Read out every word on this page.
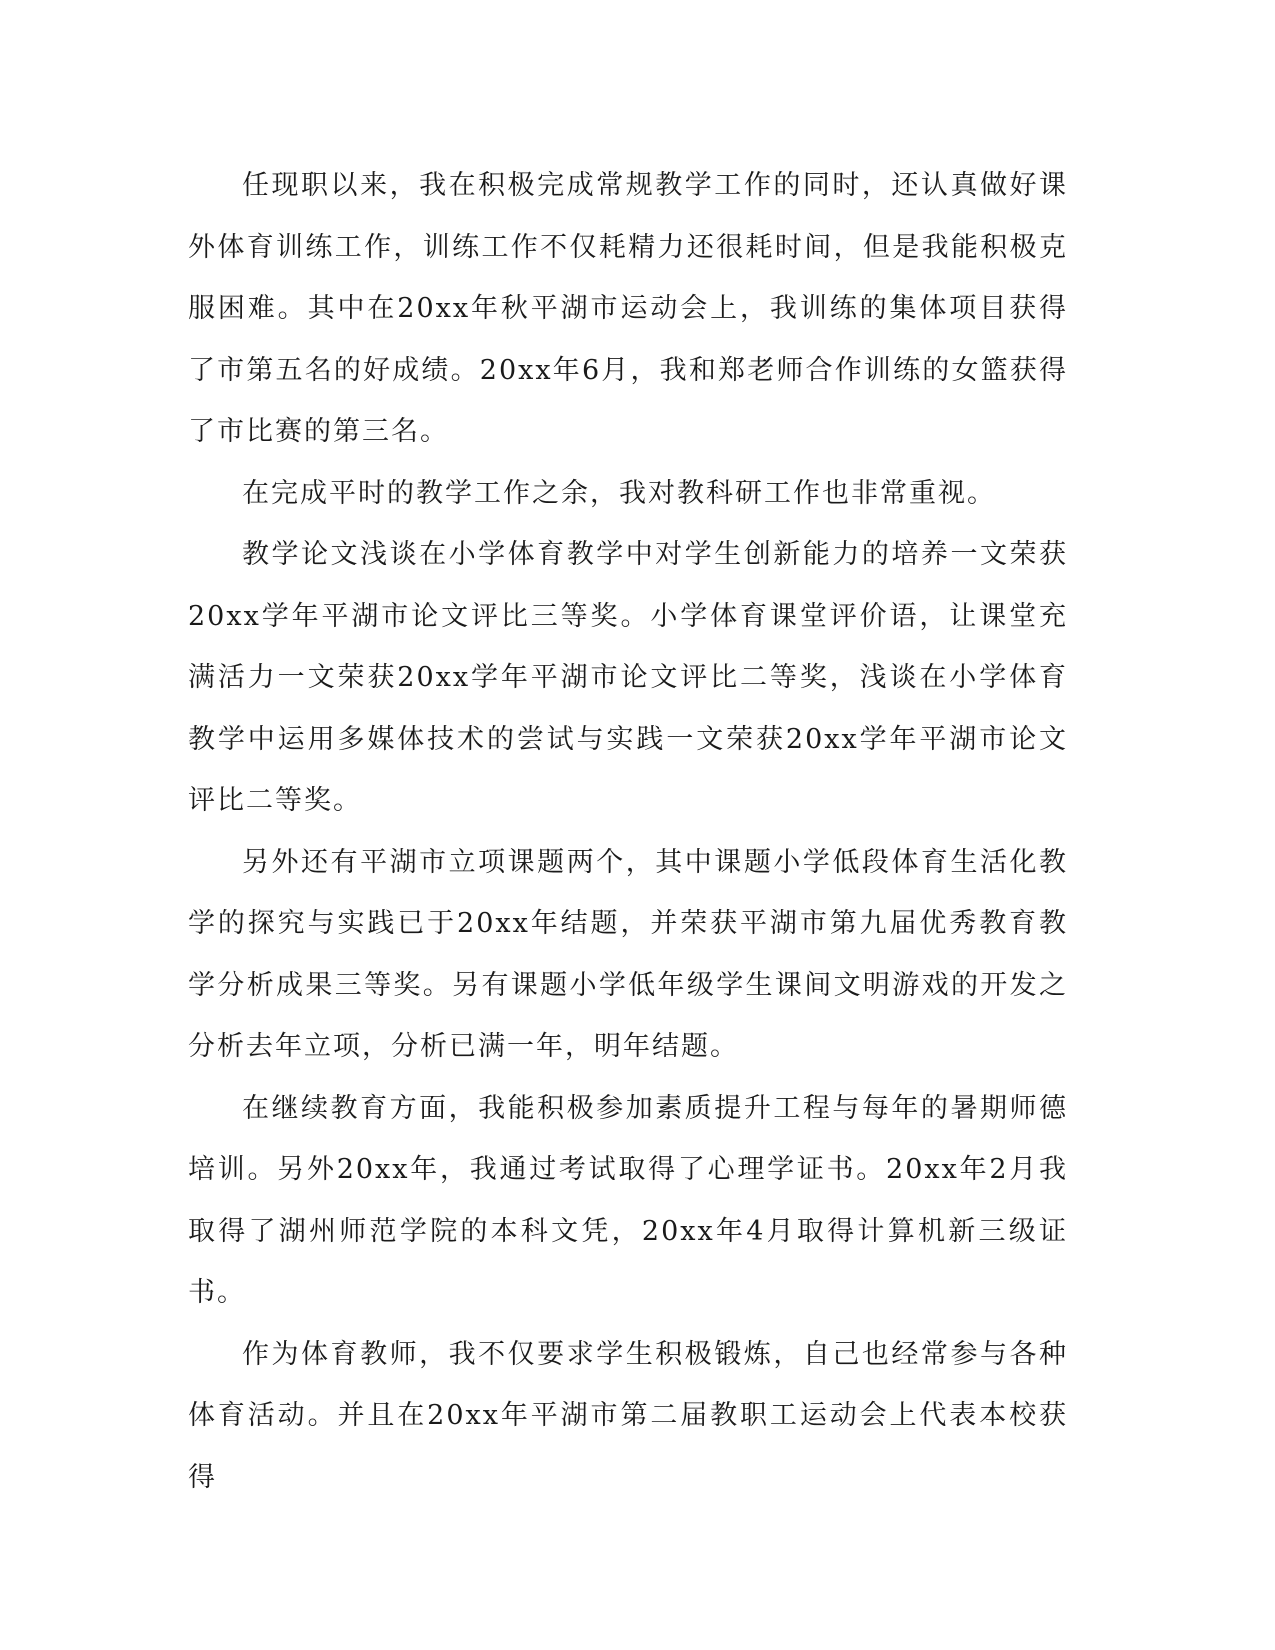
任现职以来，我在积极完成常规教学工作的同时，还认真做好课外体育训练工作，训练工作不仅耗精力还很耗时间，但是我能积极克服困难。其中在20xx年秋平湖市运动会上，我训练的集体项目获得了市第五名的好成绩。20xx年6月，我和郑老师合作训练的女篮获得了市比赛的第三名。

在完成平时的教学工作之余，我对教科研工作也非常重视。

教学论文浅谈在小学体育教学中对学生创新能力的培养一文荣获20xx学年平湖市论文评比三等奖。小学体育课堂评价语，让课堂充满活力一文荣获20xx学年平湖市论文评比二等奖，浅谈在小学体育教学中运用多媒体技术的尝试与实践一文荣获20xx学年平湖市论文评比二等奖。

另外还有平湖市立项课题两个，其中课题小学低段体育生活化教学的探究与实践已于20xx年结题，并荣获平湖市第九届优秀教育教学分析成果三等奖。另有课题小学低年级学生课间文明游戏的开发之分析去年立项，分析已满一年，明年结题。

在继续教育方面，我能积极参加素质提升工程与每年的暑期师德培训。另外20xx年，我通过考试取得了心理学证书。20xx年2月我取得了湖州师范学院的本科文凭，20xx年4月取得计算机新三级证书。

作为体育教师，我不仅要求学生积极锻炼，自己也经常参与各种体育活动。并且在20xx年平湖市第二届教职工运动会上代表本校获得
